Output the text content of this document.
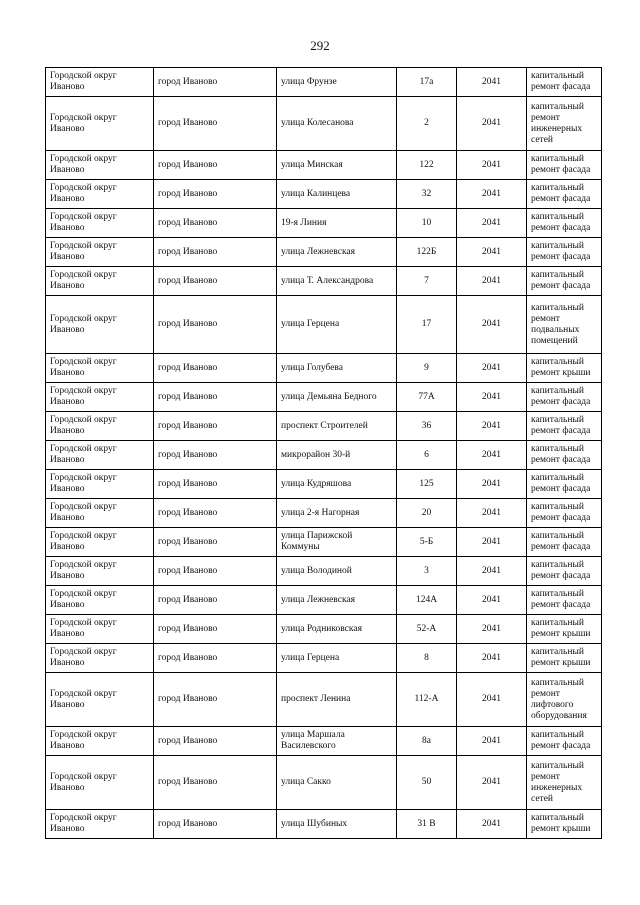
292
Городской округ Иваново	город Иваново	улица Фрунзе	17а	2041	капитальный ремонт фасада
Городской округ Иваново	город Иваново	улица Колесанова	2	2041	капитальный ремонт инженерных сетей
Городской округ Иваново	город Иваново	улица Минская	122	2041	капитальный ремонт фасада
Городской округ Иваново	город Иваново	улица Калинцева	32	2041	капитальный ремонт фасада
Городской округ Иваново	город Иваново	19-я Линия	10	2041	капитальный ремонт фасада
Городской округ Иваново	город Иваново	улица Лежневская	122Б	2041	капитальный ремонт фасада
Городской округ Иваново	город Иваново	улица Т. Александрова	7	2041	капитальный ремонт фасада
Городской округ Иваново	город Иваново	улица Герцена	17	2041	капитальный ремонт подвальных помещений
Городской округ Иваново	город Иваново	улица Голубева	9	2041	капитальный ремонт крыши
Городской округ Иваново	город Иваново	улица Демьяна Бедного	77А	2041	капитальный ремонт фасада
Городской округ Иваново	город Иваново	проспект Строителей	36	2041	капитальный ремонт фасада
Городской округ Иваново	город Иваново	микрорайон 30-й	6	2041	капитальный ремонт фасада
Городской округ Иваново	город Иваново	улица Кудряшова	125	2041	капитальный ремонт фасада
Городской округ Иваново	город Иваново	улица 2-я Нагорная	20	2041	капитальный ремонт фасада
Городской округ Иваново	город Иваново	улица Парижской Коммуны	5-Б	2041	капитальный ремонт фасада
Городской округ Иваново	город Иваново	улица Володиной	3	2041	капитальный ремонт фасада
Городской округ Иваново	город Иваново	улица Лежневская	124А	2041	капитальный ремонт фасада
Городской округ Иваново	город Иваново	улица Родниковская	52-А	2041	капитальный ремонт крыши
Городской округ Иваново	город Иваново	улица Герцена	8	2041	капитальный ремонт крыши
Городской округ Иваново	город Иваново	проспект Ленина	112-А	2041	капитальный ремонт лифтового оборудования
Городской округ Иваново	город Иваново	улица Маршала Василевского	8а	2041	капитальный ремонт фасада
Городской округ Иваново	город Иваново	улица Сакко	50	2041	капитальный ремонт инженерных сетей
Городской округ Иваново	город Иваново	улица Шубиных	31 В	2041	капитальный ремонт крыши
